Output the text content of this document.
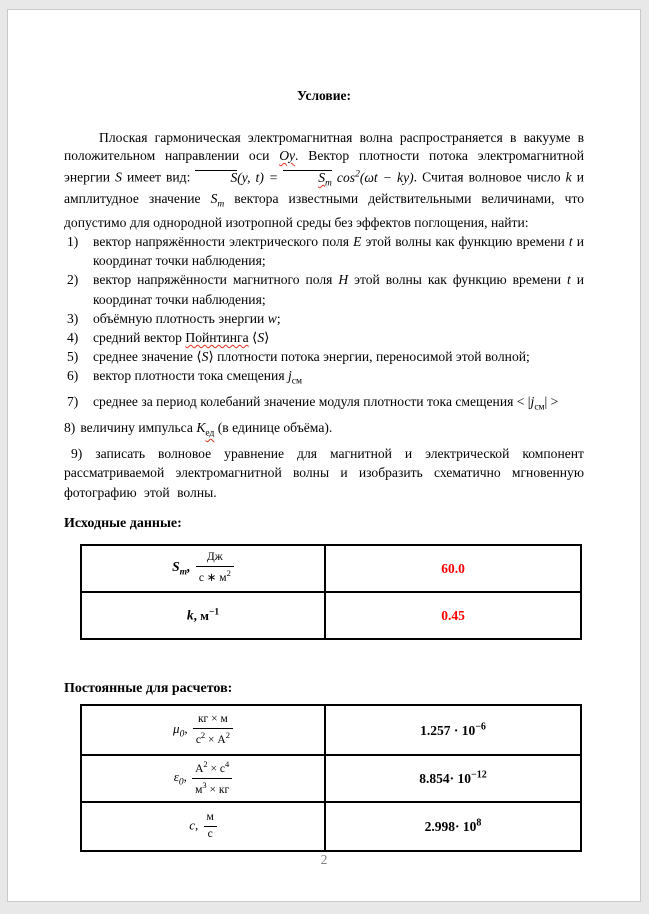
Условие:

Плоская гармоническая электромагнитная волна распространяется в вакууме в положительном направлении оси Oy. Вектор плотности потока электромагнитной энергии S имеет вид:	S(y, t) =	$S_m$ $\cos^2(\omega t - ky)$. Считая волновое число k и амплитудное значение $S_m$ вектора известными действительными величинами, что допустимо для однородной изотропной среды без эффектов поглощения, найти:

1) вектор напряжённости электрического поля E этой волны как функцию времени t и координат точки наблюдения;
2) вектор напряжённости магнитного поля H этой волны как функцию времени t и координат точки наблюдения;
3) объёмную плотность энергии w;
4) средний вектор Пойнтинга ⟨S⟩
5) среднее значение ⟨S⟩ плотности потока энергии, переносимой этой волной;
6) вектор плотности тока смещения $j_{см}$
7) среднее за период колебаний значение модуля плотности тока смещения < $|j_{см}|$ >
8) величину импульса $K_{ед}$ (в единице объёма).

9) записать волновое уравнение для магнитной и электрической компонент рассматриваемой электромагнитной волны и изобразить схематично мгновенную фотографию этой волны.

Исходные данные:
$S_m$, $\frac{Дж}{с ∗ м^2}$	60.0
k, $м^{-1}$	0.45
Постоянные для расчетов:
$\mu_0$, $\frac{кг \times м}{с^2 \times А^2}$	$1.257 \cdot 10^{-6}$
$\varepsilon_0$, $\frac{А^2 \times с^4}{м^3 \times кг}$	$8.854\cdot 10^{-12}$
с, $\frac{м}{с}$	$2.998\cdot 10^8$
2
